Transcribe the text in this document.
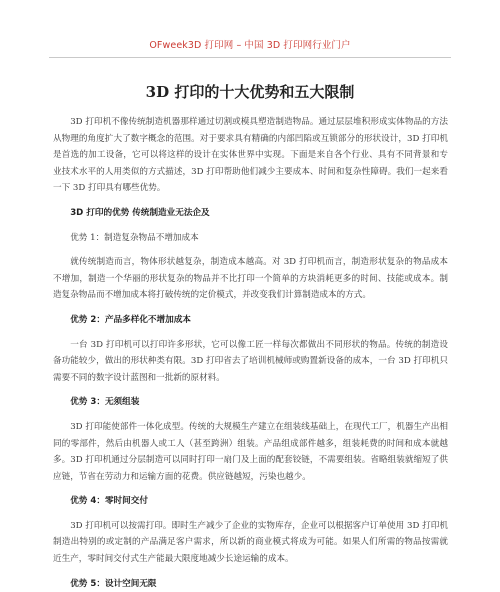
OFweek3D 打印网 – 中国 3D 打印网行业门户
3D 打印的十大优势和五大限制

3D 打印机不像传统制造机器那样通过切割或模具塑造制造物品。通过层层堆积形成实体物品的方法从物理的角度扩大了数字概念的范围。对于要求具有精确的内部凹陷或互锁部分的形状设计，3D 打印机是首选的加工设备，它可以将这样的设计在实体世界中实现。下面是来自各个行业、具有不同背景和专业技术水平的人用类似的方式描述，3D 打印帮助他们减少主要成本、时间和复杂性障碍。我们一起来看一下 3D 打印具有哪些优势。

3D 打印的优势 传统制造业无法企及

优势 1：制造复杂物品不增加成本

就传统制造而言，物体形状越复杂，制造成本越高。对 3D 打印机而言，制造形状复杂的物品成本不增加，制造一个华丽的形状复杂的物品并不比打印一个简单的方块消耗更多的时间、技能或成本。制造复杂物品而不增加成本将打破传统的定价模式，并改变我们计算制造成本的方式。

优势 2：产品多样化不增加成本

一台 3D 打印机可以打印许多形状，它可以像工匠一样每次都做出不同形状的物品。传统的制造设备功能较少，做出的形状种类有限。3D 打印省去了培训机械师或购置新设备的成本，一台 3D 打印机只需要不同的数字设计蓝图和一批新的原材料。

优势 3：无须组装

3D 打印能使部件一体化成型。传统的大规模生产建立在组装线基础上，在现代工厂，机器生产出相同的零部件，然后由机器人或工人（甚至跨洲）组装。产品组成部件越多，组装耗费的时间和成本就越多。3D 打印机通过分层制造可以同时打印一扇门及上面的配套铰链，不需要组装。省略组装就缩短了供应链，节省在劳动力和运输方面的花费。供应链越短，污染也越少。

优势 4：零时间交付

3D 打印机可以按需打印。即时生产减少了企业的实物库存，企业可以根据客户订单使用 3D 打印机制造出特别的或定制的产品满足客户需求，所以新的商业模式将成为可能。如果人们所需的物品按需就近生产，零时间交付式生产能最大限度地减少长途运输的成本。

优势 5：设计空间无限
